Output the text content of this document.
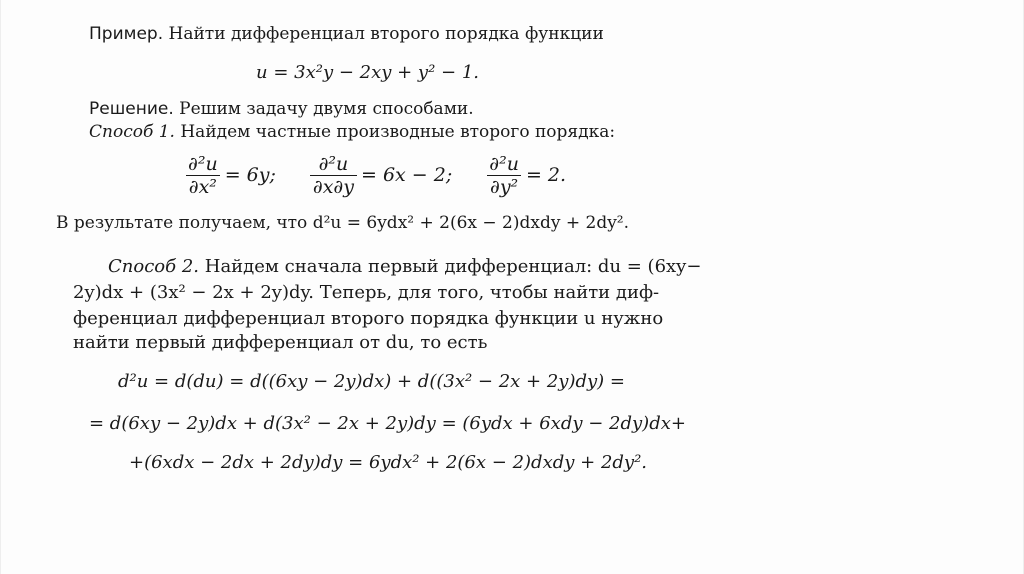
Пример. Найти дифференциал второго порядка функции
u = 3x²y − 2xy + y² − 1.
Решение. Решим задачу двумя способами.
Способ 1. Найдем частные производные второго порядка:
$\frac{\text{∂²u}}{\text{∂x²}} = 6y$; $\frac{\text{∂²u}}{\partial x\partial y} = 6x - 2$; $\frac{\text{∂²u}}{\text{∂y²}} = 2$.
В результате получаем, что d²u = 6ydx² + 2(6x − 2)dxdy + 2dy².
Способ 2. Найдем сначала первый дифференциал: du = (6xy−
2y)dx + (3x² − 2x + 2y)dy. Теперь, для того, чтобы найти диф-
ференциал дифференциал второго порядка функции u нужно
найти первый дифференциал от du, то есть
d²u = d(du) = d((6xy − 2y)dx) + d((3x² − 2x + 2y)dy) =
= d(6xy − 2y)dx + d(3x² − 2x + 2y)dy = (6ydx + 6xdy − 2dy)dx+
+(6xdx − 2dx + 2dy)dy = 6ydx² + 2(6x − 2)dxdy + 2dy².
